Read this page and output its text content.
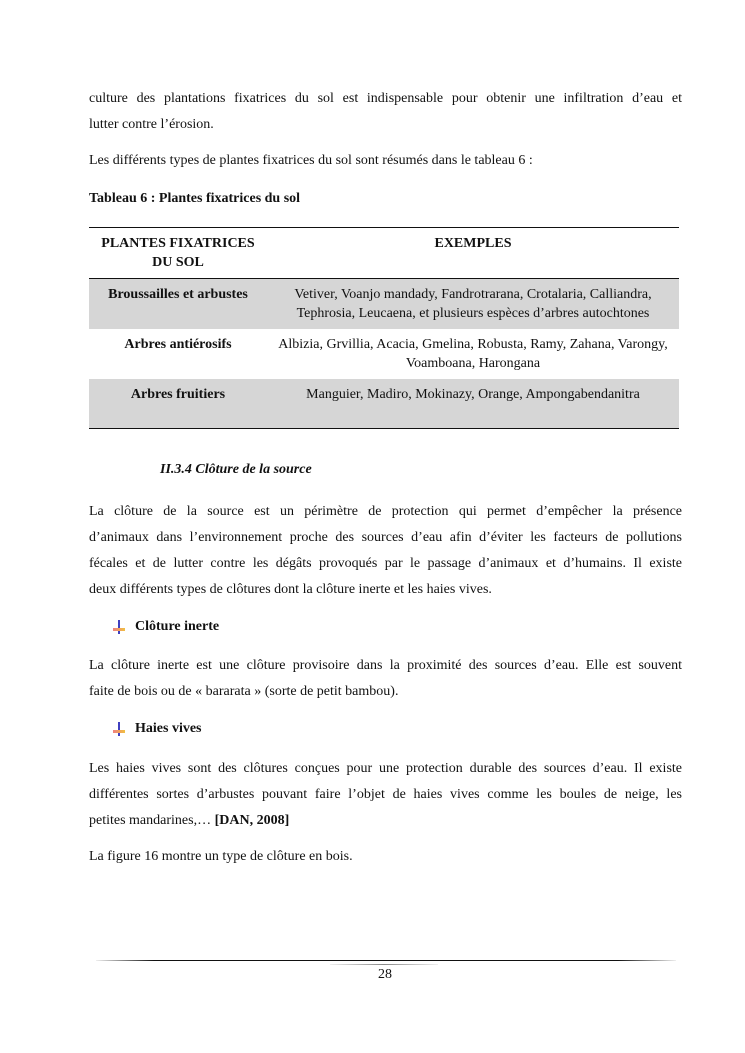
culture des plantations fixatrices du sol est indispensable pour obtenir une infiltration d’eau et

lutter contre l’érosion.

Les différents types de plantes fixatrices du sol sont résumés dans le tableau 6 :

Tableau 6 : Plantes fixatrices du sol

PLANTES FIXATRICES DU SOL	EXEMPLES
Broussailles et arbustes	Vetiver, Voanjo mandady, Fandrotrarana, Crotalaria, Calliandra, Tephrosia, Leucaena, et plusieurs espèces d’arbres autochtones
Arbres antiérosifs	Albizia, Grvillia, Acacia, Gmelina, Robusta, Ramy, Zahana, Varongy, Voamboana, Harongana
Arbres fruitiers	Manguier, Madiro, Mokinazy, Orange, Ampongabendanitra

II.3.4 Clôture de la source

La clôture de la source est un périmètre de protection qui permet d’empêcher la présence

d’animaux dans l’environnement proche des sources d’eau afin d’éviter les facteurs de pollutions

fécales et de lutter contre les dégâts provoqués par le passage d’animaux et d’humains. Il existe

deux différents types de clôtures dont la clôture inerte et les haies vives.

Clôture inerte

La clôture inerte est une clôture provisoire dans la proximité des sources d’eau. Elle est souvent

faite de bois ou de « bararata » (sorte de petit bambou).

Haies vives

Les haies vives sont des clôtures conçues pour une protection durable des sources d’eau. Il existe

différentes sortes d’arbustes pouvant faire l’objet de haies vives comme les boules de neige, les

petites mandarines,… [DAN, 2008]

La figure 16 montre un type de clôture en bois.

28
